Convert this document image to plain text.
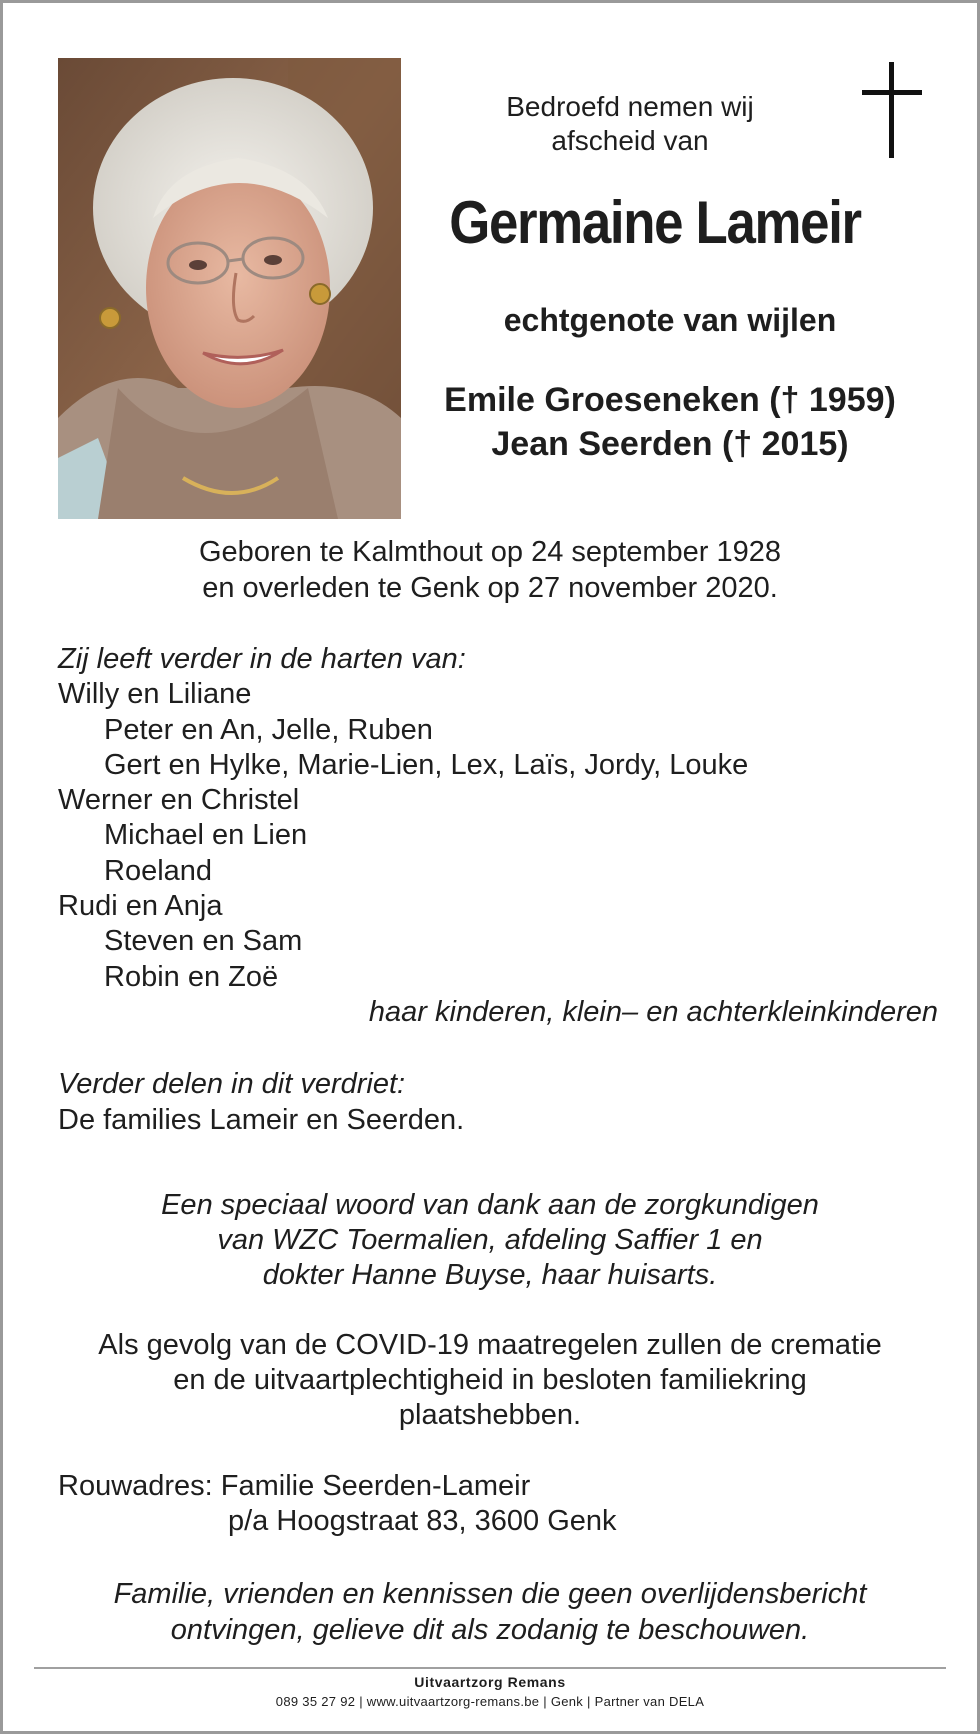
Bedroefd nemen wij
afscheid van
Germaine Lameir
echtgenote van wijlen
Emile Groeseneken († 1959)
Jean Seerden († 2015)
Geboren te Kalmthout op 24 september 1928
en overleden te Genk op 27 november 2020.
Zij leeft verder in de harten van:
Willy en Liliane
Peter en An, Jelle, Ruben
Gert en Hylke, Marie-Lien, Lex, Laïs, Jordy, Louke
Werner en Christel
Michael en Lien
Roeland
Rudi en Anja
Steven en Sam
Robin en Zoë
haar kinderen, klein– en achterkleinkinderen
Verder delen in dit verdriet:
De families Lameir en Seerden.
Een speciaal woord van dank aan de zorgkundigen
van WZC Toermalien, afdeling Saffier 1 en
dokter Hanne Buyse, haar huisarts.
Als gevolg van de COVID-19 maatregelen zullen de crematie
en de uitvaartplechtigheid in besloten familiekring
plaatshebben.
Rouwadres: Familie Seerden-Lameir
p/a Hoogstraat 83, 3600 Genk
Familie, vrienden en kennissen die geen overlijdensbericht
ontvingen, gelieve dit als zodanig te beschouwen.
Uitvaartzorg Remans
089 35 27 92 | www.uitvaartzorg-remans.be | Genk | Partner van DELA
